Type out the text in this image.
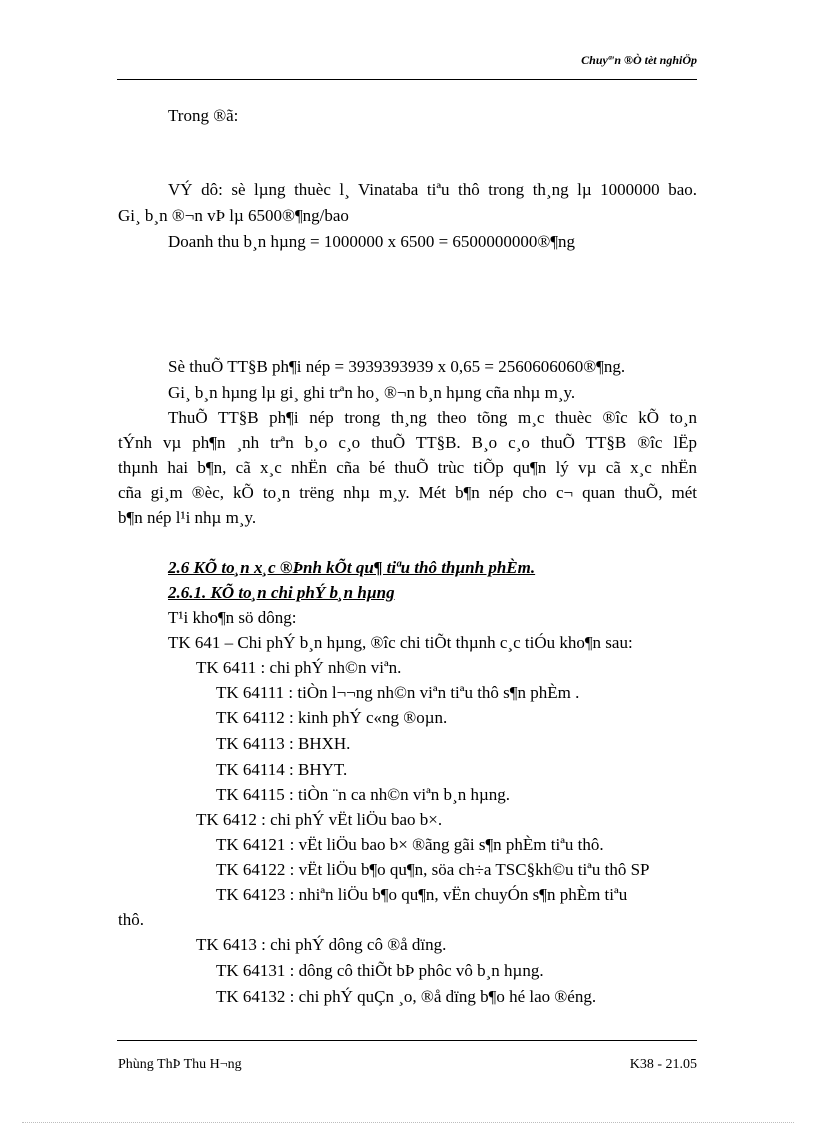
Chuyª'n ®Ò tèt nghiÖp
Trong ®ã:
VÝ dô: sè lµng thuèc l¸ Vinataba tiªu thô trong th¸ng lµ 1000000 bao.
Gi¸ b¸n ®¬n vÞ lµ 6500®¶ng/bao
Doanh thu b¸n hµng = 1000000 x 6500 = 6500000000®¶ng
Sè thuÕ TT§B ph¶i nép = 3939393939 x 0,65 = 2560606060®¶ng.
Gi¸ b¸n hµng lµ gi¸ ghi trªn ho¸ ®¬n b¸n hµng cña nhµ m¸y.
ThuÕ TT§B ph¶i nép trong th¸ng theo tõng m¸c thuèc ®îc kÕ to¸n
tÝnh vµ ph¶n ¸nh trªn b¸o c¸o thuÕ TT§B. B¸o c¸o thuÕ TT§B ®îc lËp
thµnh hai b¶n, cã x¸c nhËn cña bé thuÕ trùc tiÕp qu¶n lý vµ cã x¸c nhËn
cña gi¸m ®èc, kÕ to¸n trëng nhµ m¸y. Mét b¶n nép cho c¬ quan thuÕ, mét
b¶n nép l¹i nhµ m¸y.
2.6 KÕ to¸n x¸c ®Þnh kÕt qu¶ tiªu thô thµnh phÈm.
2.6.1. KÕ to¸n chi phÝ b¸n hµng
T¹i kho¶n sö dông:
TK 641 – Chi phÝ b¸n hµng, ®îc chi tiÕt thµnh c¸c tiÓu kho¶n sau:
TK 6411 : chi phÝ nh©n viªn.
TK 64111 : tiÒn l¬¬ng nh©n viªn tiªu thô s¶n phÈm .
TK 64112 : kinh phÝ c«ng ®oµn.
TK 64113 : BHXH.
TK 64114 : BHYT.
TK 64115 : tiÒn ¨n ca nh©n viªn b¸n hµng.
TK 6412 : chi phÝ vËt liÖu bao b×.
TK 64121 : vËt liÖu bao b× ®ãng gãi s¶n phÈm tiªu thô.
TK 64122 : vËt liÖu b¶o qu¶n, söa ch÷a TSC§kh©u tiªu thô SP
TK 64123 : nhiªn liÖu b¶o qu¶n, vËn chuyÓn s¶n phÈm tiªu
thô.
TK 6413 : chi phÝ dông cô ®å dïng.
TK 64131 : dông cô thiÕt bÞ phôc vô b¸n hµng.
TK 64132 : chi phÝ quÇn ¸o, ®å dïng b¶o hé lao ®éng.
Phùng ThÞ Thu H¬ng	K38 - 21.05
